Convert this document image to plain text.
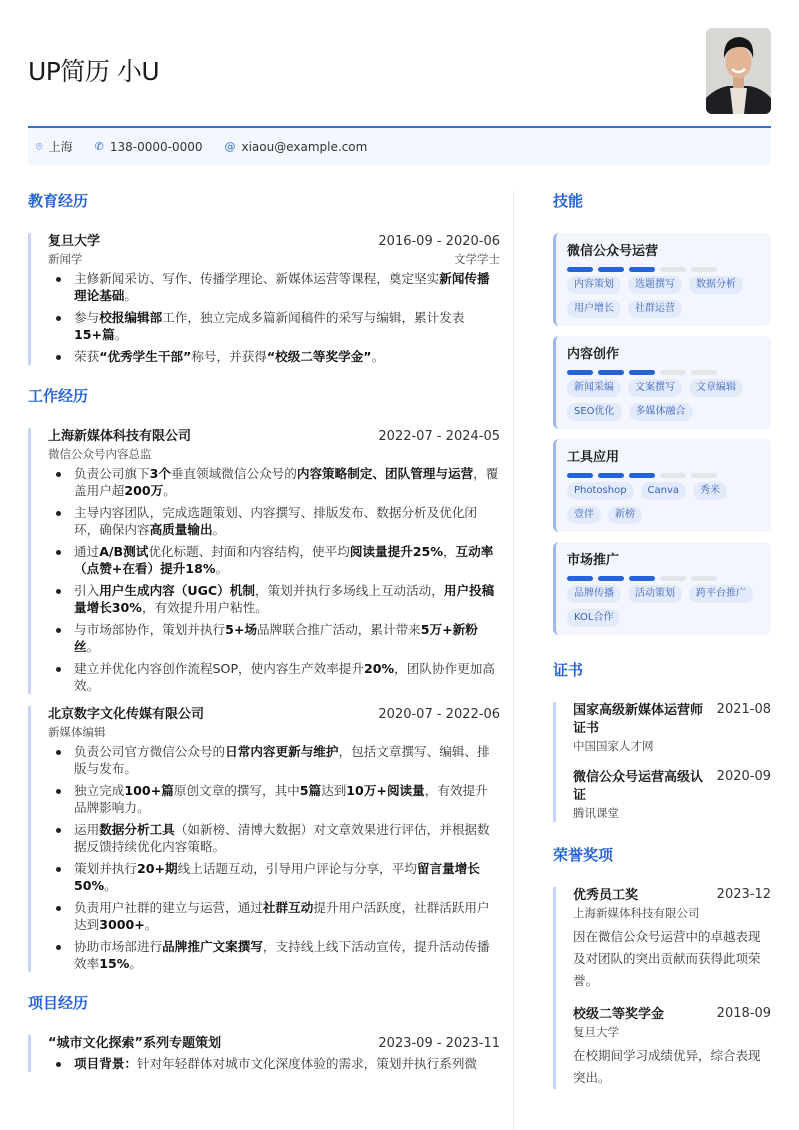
UP简历 小U
⌾ 上海 ✆ 138-0000-0000 @ xiaou@example.com
教育经历
复旦大学	2016-09 - 2020-06
新闻学	文学学士
主修新闻采访、写作、传播学理论、新媒体运营等课程，奠定坚实新闻传播理论基础。
参与校报编辑部工作，独立完成多篇新闻稿件的采写与编辑，累计发表15+篇。
荣获“优秀学生干部”称号，并获得“校级二等奖学金”。
工作经历
上海新媒体科技有限公司	2022-07 - 2024-05
微信公众号内容总监
负责公司旗下3个垂直领域微信公众号的内容策略制定、团队管理与运营，覆盖用户超200万。
主导内容团队，完成选题策划、内容撰写、排版发布、数据分析及优化闭环，确保内容高质量输出。
通过A/B测试优化标题、封面和内容结构，使平均阅读量提升25%，互动率（点赞+在看）提升18%。
引入用户生成内容（UGC）机制，策划并执行多场线上互动活动，用户投稿量增长30%，有效提升用户粘性。
与市场部协作，策划并执行5+场品牌联合推广活动，累计带来5万+新粉丝。
建立并优化内容创作流程SOP，使内容生产效率提升20%，团队协作更加高效。
北京数字文化传媒有限公司	2020-07 - 2022-06
新媒体编辑
负责公司官方微信公众号的日常内容更新与维护，包括文章撰写、编辑、排版与发布。
独立完成100+篇原创文章的撰写，其中5篇达到10万+阅读量，有效提升品牌影响力。
运用数据分析工具（如新榜、清博大数据）对文章效果进行评估，并根据数据反馈持续优化内容策略。
策划并执行20+期线上话题互动，引导用户评论与分享，平均留言量增长50%。
负责用户社群的建立与运营，通过社群互动提升用户活跃度，社群活跃用户达到3000+。
协助市场部进行品牌推广文案撰写，支持线上线下活动宣传，提升活动传播效率15%。
项目经历
“城市文化探索”系列专题策划	2023-09 - 2023-11
项目背景：针对年轻群体对城市文化深度体验的需求，策划并执行系列微
技能
微信公众号运营
内容策划	选题撰写	数据分析
用户增长	社群运营
内容创作
新闻采编	文案撰写	文章编辑
SEO优化	多媒体融合
工具应用
Photoshop	Canva	秀米
壹伴	新榜
市场推广
品牌传播	活动策划	跨平台推广
KOL合作
证书
国家高级新媒体运营师证书
2021-08
中国国家人才网
微信公众号运营高级认证
2020-09
腾讯课堂
荣誉奖项
优秀员工奖	2023-12
上海新媒体科技有限公司
因在微信公众号运营中的卓越表现及对团队的突出贡献而获得此项荣誉。
校级二等奖学金	2018-09
复旦大学
在校期间学习成绩优异，综合表现突出。
